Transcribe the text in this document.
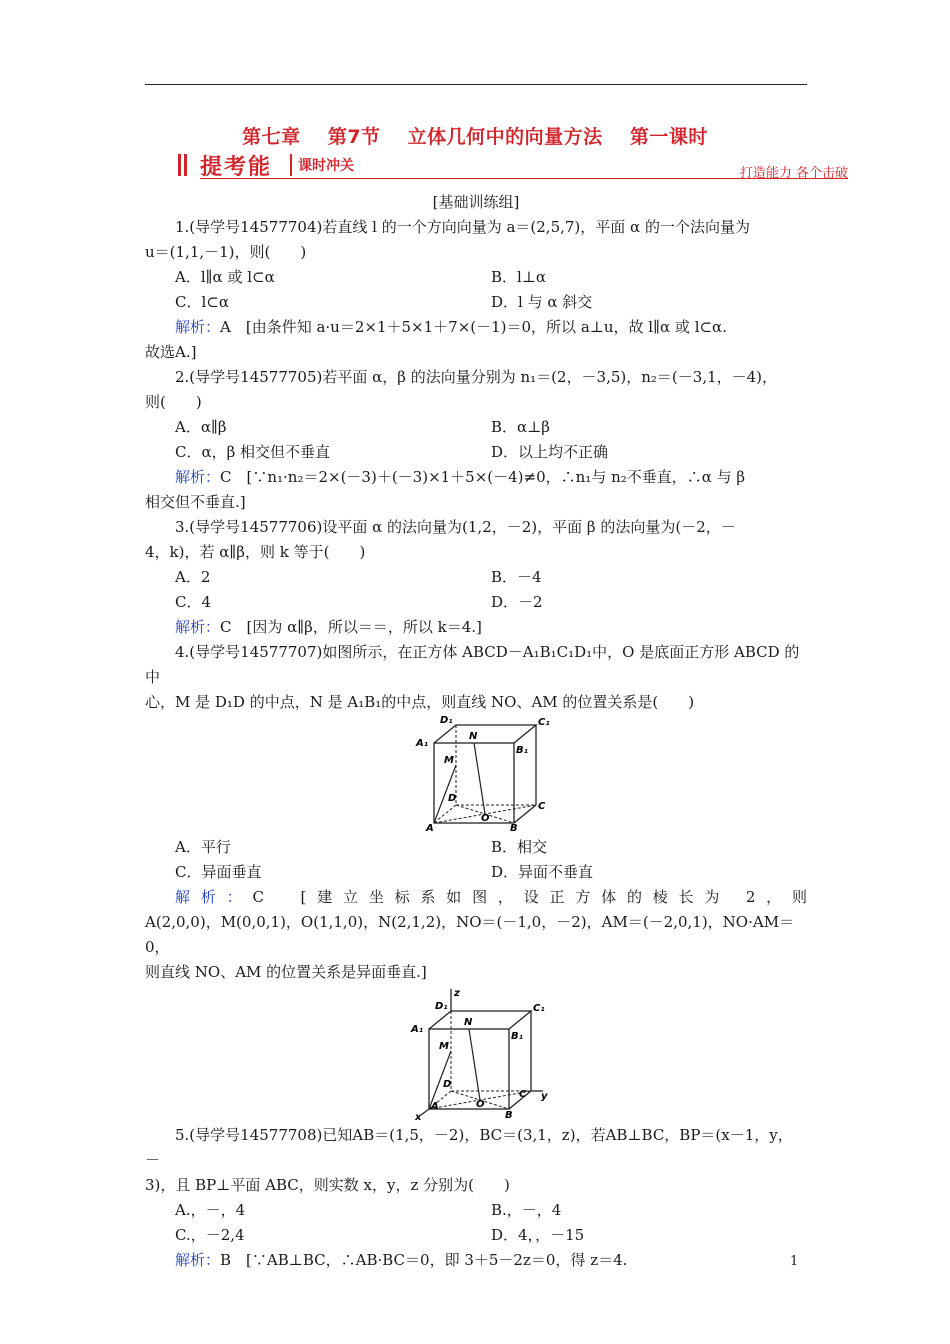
第七章 第7节 立体几何中的向量方法 第一课时
提考能 课时冲关	打造能力 各个击破

[基础训练组]

1.(导学号14577704)若直线 l 的一个方向向量为 a＝(2,5,7)，平面 α 的一个法向量为

u＝(1,1,－1)，则(　　)

A．l∥α 或 l⊂α	B．l⊥α
C．l⊂α	D．l 与 α 斜交

解析：A　[由条件知 a·u＝2×1＋5×1＋7×(－1)＝0，所以 a⊥u，故 l∥α 或 l⊂α.

故选A.]

2.(导学号14577705)若平面 α，β 的法向量分别为 n₁＝(2，－3,5)，n₂＝(－3,1，－4)，

则(　　)

A．α∥β	B．α⊥β
C．α，β 相交但不垂直	D．以上均不正确

解析：C　[∵n₁·n₂＝2×(－3)＋(－3)×1＋5×(－4)≠0，∴n₁与 n₂不垂直，∴α 与 β

相交但不垂直.]

3.(导学号14577706)设平面 α 的法向量为(1,2，－2)，平面 β 的法向量为(－2，－

4，k)，若 α∥β，则 k 等于(　　)

A．2	B．－4
C．4	D．－2

解析：C　[因为 α∥β，所以＝＝，所以 k＝4.]

4.(导学号14577707)如图所示，在正方体 ABCD－A₁B₁C₁D₁中，O 是底面正方形 ABCD 的中

心，M 是 D₁D 的中点，N 是 A₁B₁的中点，则直线 NO、AM 的位置关系是(　　)

D₁	C₁
A₁
B₁
N
M
D
C
O
A	B
A．平行	B．相交
C．异面垂直	D．异面不垂直

解析：C　[建立坐标系如图，设正方体的棱长为 2，则

A(2,0,0)，M(0,0,1)，O(1,1,0)，N(2,1,2)，NO＝(－1,0，－2)，AM＝(－2,0,1)，NO·AM＝0，

则直线 NO、AM 的位置关系是异面垂直.]

z
D₁	C₁
A₁
B₁
N
M
D
C y
O
A
B
x

5.(导学号14577708)已知AB＝(1,5，－2)，BC＝(3,1，z)，若AB⊥BC，BP＝(x－1，y，－

3)，且 BP⊥平面 ABC，则实数 x，y，z 分别为(　　)

A.，－，4	B.，－，4
C.，－2,4	D．4，，－15

解析：B　[∵AB⊥BC，∴AB·BC＝0，即 3＋5－2z＝0，得 z＝4.	1
